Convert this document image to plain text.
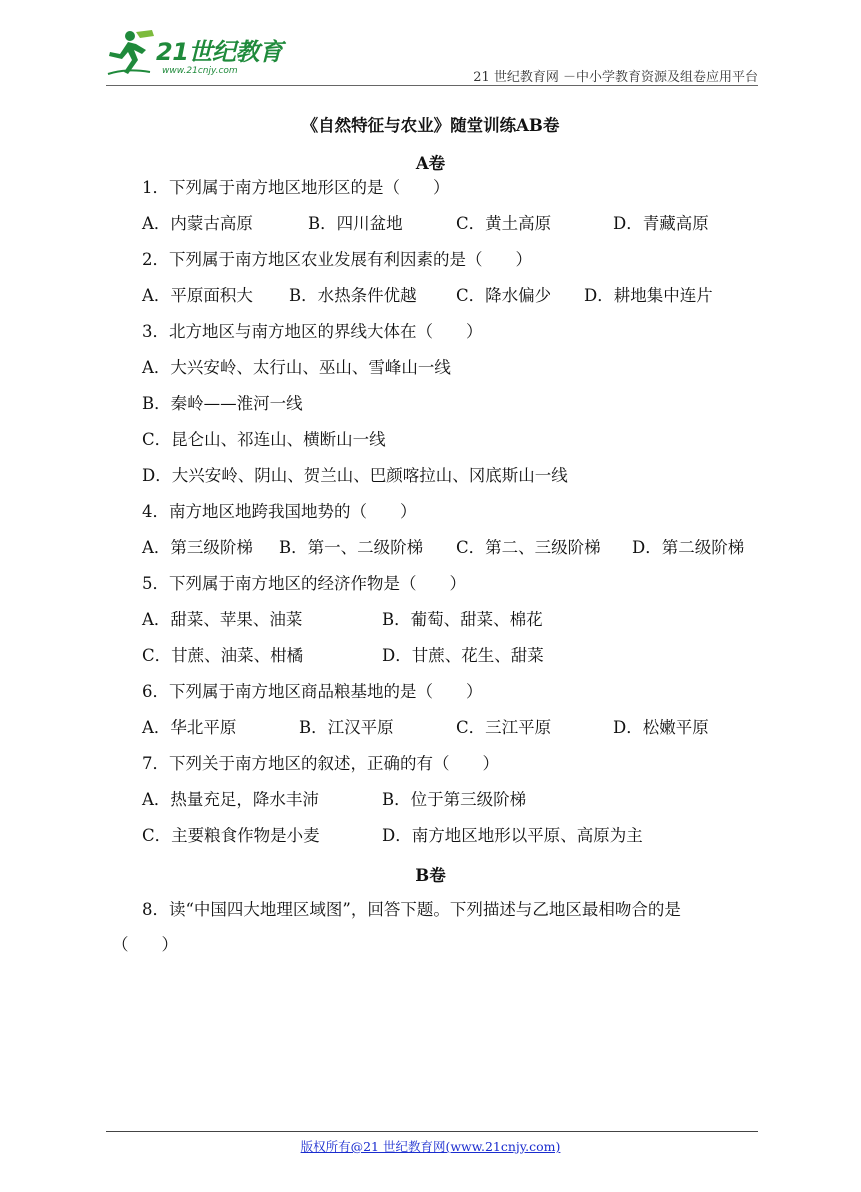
21世纪教育
www.21cnjy.com	21 世纪教育网 －中小学教育资源及组卷应用平台
《自然特征与农业》随堂训练AB卷
A卷
1．下列属于南方地区地形区的是（　　）
A．内蒙古高原	B．四川盆地	C．黄土高原	D．青藏高原
2．下列属于南方地区农业发展有利因素的是（　　）
A．平原面积大 B．水热条件优越 C．降水偏少 D．耕地集中连片
3．北方地区与南方地区的界线大体在（　　）
A．大兴安岭、太行山、巫山、雪峰山一线
B．秦岭——淮河一线
C．昆仑山、祁连山、横断山一线
D．大兴安岭、阴山、贺兰山、巴颜喀拉山、冈底斯山一线
4．南方地区地跨我国地势的（　　）
A．第三级阶梯 B．第一、二级阶梯 C．第二、三级阶梯 D．第二级阶梯
5．下列属于南方地区的经济作物是（　　）
A．甜菜、苹果、油菜	B．葡萄、甜菜、棉花
C．甘蔗、油菜、柑橘	D．甘蔗、花生、甜菜
6．下列属于南方地区商品粮基地的是（　　）
A．华北平原	B．江汉平原	C．三江平原	D．松嫩平原
7．下列关于南方地区的叙述，正确的有（　　）
A．热量充足，降水丰沛	B．位于第三级阶梯
C．主要粮食作物是小麦	D．南方地区地形以平原、高原为主
B卷
8．读“中国四大地理区域图”，回答下题。下列描述与乙地区最相吻合的是
（　　）
版权所有@21 世纪教育网(www.21cnjy.com)
